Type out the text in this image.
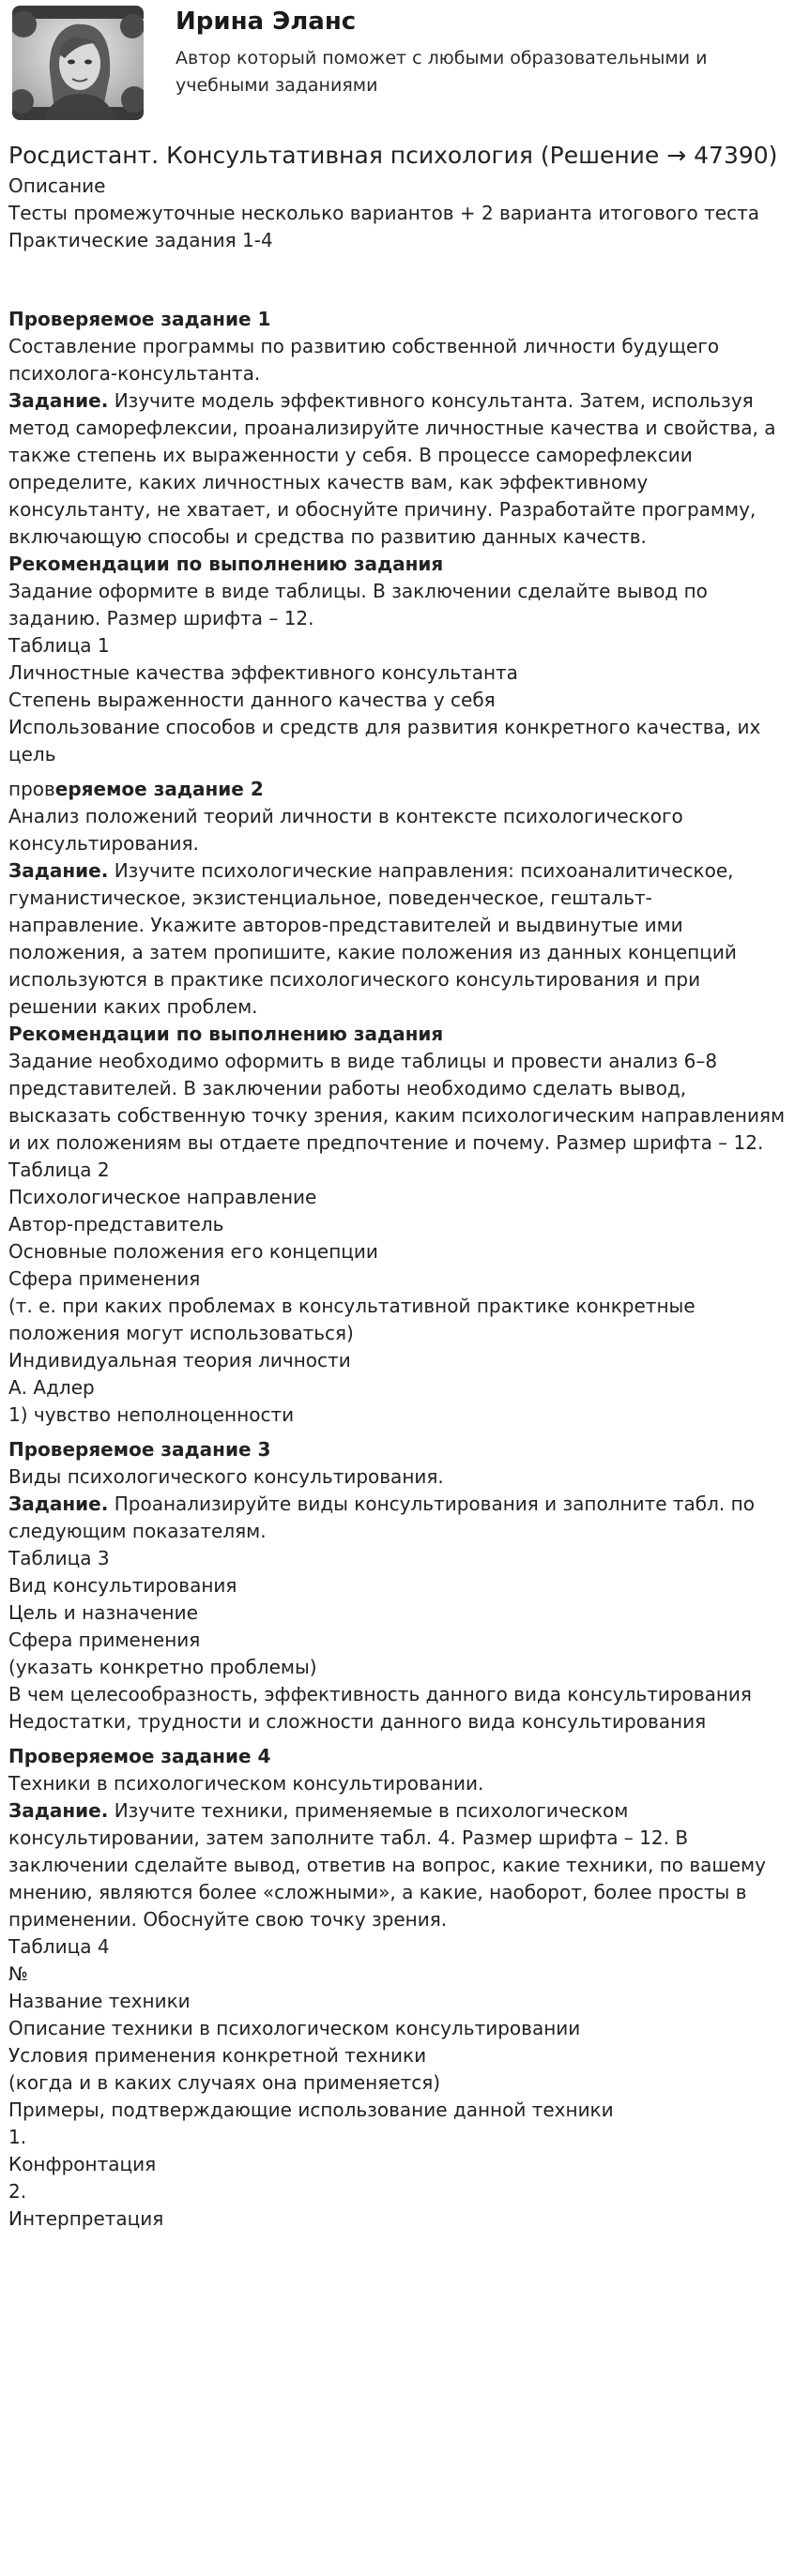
Ирина Эланс
Автор который поможет с любыми образовательными и учебными заданиями
Росдистант. Консультативная психология (Решение → 47390)

Описание

Тесты промежуточные несколько вариантов + 2 варианта итогового теста

Практические задания 1-4

Проверяемое задание 1

Составление программы по развитию собственной личности будущего психолога-консультанта.

Задание. Изучите модель эффективного консультанта. Затем, используя метод саморефлексии, проанализируйте личностные качества и свойства, а также степень их выраженности у себя. В процессе саморефлексии определите, каких личностных качеств вам, как эффективному консультанту, не хватает, и обоснуйте причину. Разработайте программу, включающую способы и средства по развитию данных качеств.

Рекомендации по выполнению задания

Задание оформите в виде таблицы. В заключении сделайте вывод по заданию. Размер шрифта – 12.

Таблица 1

Личностные качества эффективного консультанта

Степень выраженности данного качества у себя

Использование способов и средств для развития конкретного качества, их цель

проверяемое задание 2

Анализ положений теорий личности в контексте психологического консультирования.

Задание. Изучите психологические направления: психоаналитическое, гуманистическое, экзистенциальное, поведенческое, гештальт-направление. Укажите авторов-представителей и выдвинутые ими положения, а затем пропишите, какие положения из данных концепций используются в практике психологического консультирования и при решении каких проблем.

Рекомендации по выполнению задания

Задание необходимо оформить в виде таблицы и провести анализ 6–8 представителей. В заключении работы необходимо сделать вывод, высказать собственную точку зрения, каким психологическим направлениям и их положениям вы отдаете предпочтение и почему. Размер шрифта – 12.

Таблица 2

Психологическое направление

Автор-представитель

Основные положения его концепции

Сфера применения

(т. е. при каких проблемах в консультативной практике конкретные положения могут использоваться)

Индивидуальная теория личности

А. Адлер

1) чувство неполноценности

Проверяемое задание 3

Виды психологического консультирования.

Задание. Проанализируйте виды консультирования и заполните табл. по следующим показателям.

Таблица 3

Вид консультирования

Цель и назначение

Сфера применения

(указать конкретно проблемы)

В чем целесообразность, эффективность данного вида консультирования

Недостатки, трудности и сложности данного вида консультирования

Проверяемое задание 4

Техники в психологическом консультировании.

Задание. Изучите техники, применяемые в психологическом консультировании, затем заполните табл. 4. Размер шрифта – 12. В заключении сделайте вывод, ответив на вопрос, какие техники, по вашему мнению, являются более «сложными», а какие, наоборот, более просты в применении. Обоснуйте свою точку зрения.

Таблица 4

№

Название техники

Описание техники в психологическом консультировании

Условия применения конкретной техники

(когда и в каких случаях она применяется)

Примеры, подтверждающие использование данной техники

1.

Конфронтация

2.

Интерпретация
